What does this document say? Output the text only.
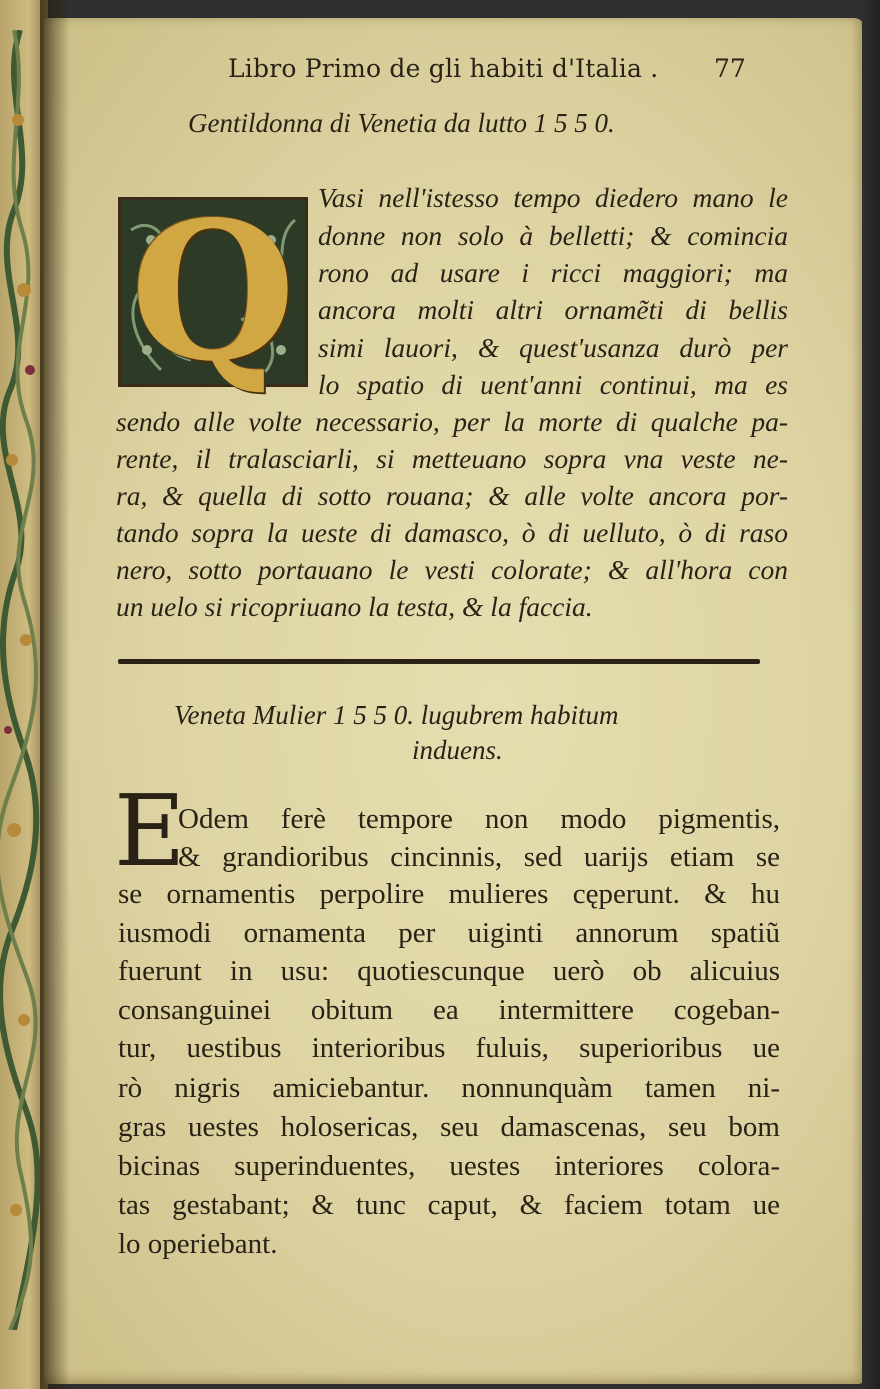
Libro Primo de gli habiti d'Italia . 77
Gentildonna di Venetia da lutto 1 5 5 0.
Q Vasi nell'istesso tempo diedero mano le
donne non solo à belletti; & comincia
rono ad usare i ricci maggiori; ma
ancora molti altri ornamẽti di bellis
simi lauori, & quest'usanza durò per
lo spatio di uent'anni continui, ma es
sendo alle volte necessario, per la morte di qualche pa-
rente, il tralasciarli, si metteuano sopra vna veste ne-
ra, & quella di sotto rouana; & alle volte ancora por-
tando sopra la ueste di damasco, ò di uelluto, ò di raso
nero, sotto portauano le vesti colorate; & all'hora con
un uelo si ricopriuano la testa, & la faccia.
Veneta Mulier 1 5 5 0. lugubrem habitum
induens.
E
Odem ferè tempore non modo pigmentis,
& grandioribus cincinnis, sed uarijs etiam se
se ornamentis perpolire mulieres cęperunt. & hu
iusmodi ornamenta per uiginti annorum spatiũ
fuerunt in usu: quotiescunque uerò ob alicuius
consanguinei obitum ea intermittere cogeban-
tur, uestibus interioribus fuluis, superioribus ue
rò nigris amiciebantur. nonnunquàm tamen ni-
gras uestes holosericas, seu damascenas, seu bom
bicinas superinduentes, uestes interiores colora-
tas gestabant; & tunc caput, & faciem totam ue
lo operiebant.
